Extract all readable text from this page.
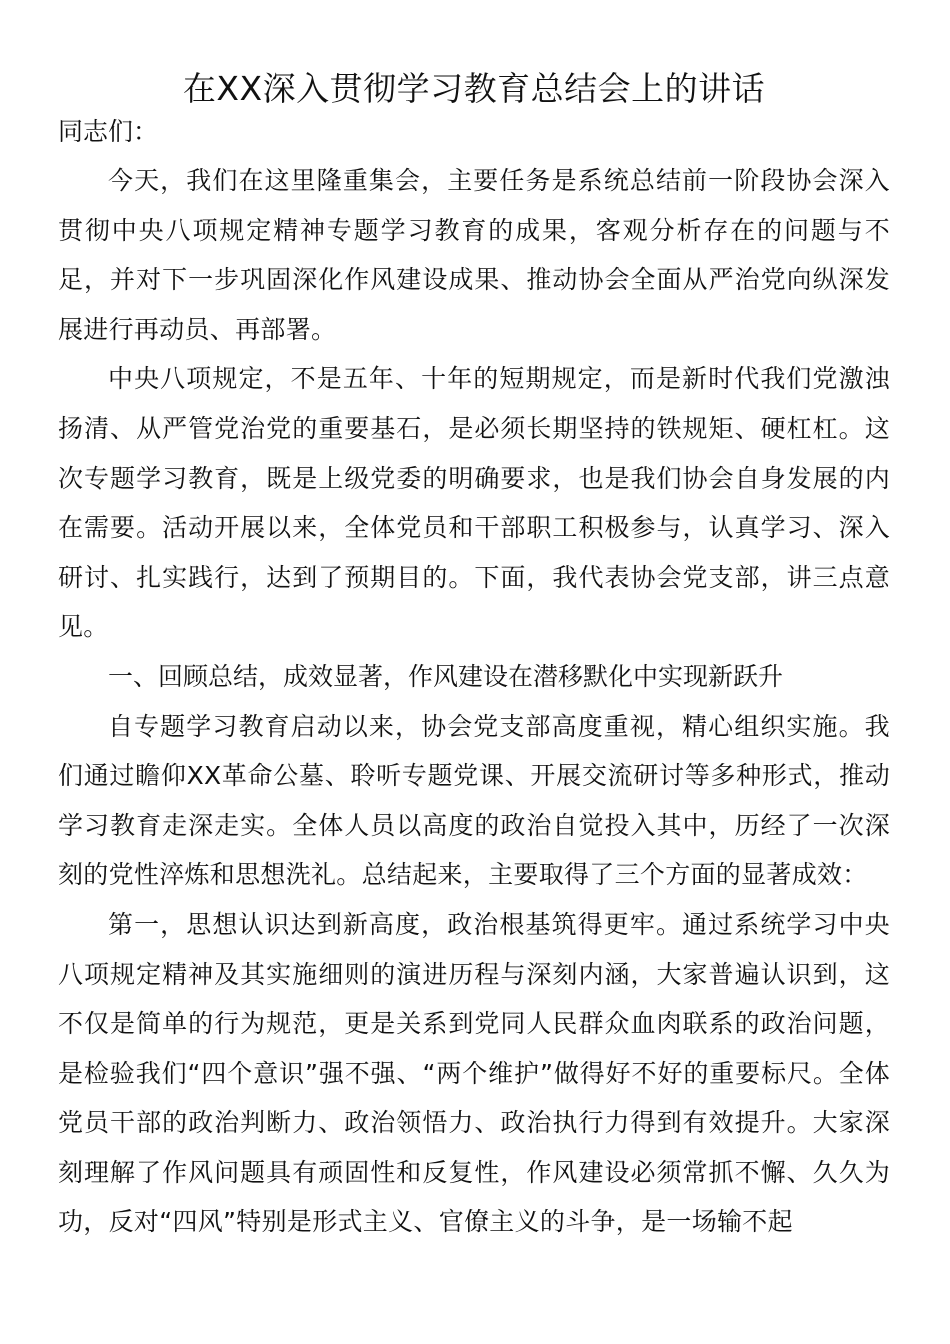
在XX深入贯彻学习教育总结会上的讲话

同志们：

今天，我们在这里隆重集会，主要任务是系统总结前一阶段协会深入贯彻中央八项规定精神专题学习教育的成果，客观分析存在的问题与不足，并对下一步巩固深化作风建设成果、推动协会全面从严治党向纵深发展进行再动员、再部署。

中央八项规定，不是五年、十年的短期规定，而是新时代我们党激浊扬清、从严管党治党的重要基石，是必须长期坚持的铁规矩、硬杠杠。这次专题学习教育，既是上级党委的明确要求，也是我们协会自身发展的内在需要。活动开展以来，全体党员和干部职工积极参与，认真学习、深入研讨、扎实践行，达到了预期目的。下面，我代表协会党支部，讲三点意见。

一、回顾总结，成效显著，作风建设在潜移默化中实现新跃升

自专题学习教育启动以来，协会党支部高度重视，精心组织实施。我们通过瞻仰XX革命公墓、聆听专题党课、开展交流研讨等多种形式，推动学习教育走深走实。全体人员以高度的政治自觉投入其中，历经了一次深刻的党性淬炼和思想洗礼。总结起来，主要取得了三个方面的显著成效：

第一，思想认识达到新高度，政治根基筑得更牢。通过系统学习中央八项规定精神及其实施细则的演进历程与深刻内涵，大家普遍认识到，这不仅是简单的行为规范，更是关系到党同人民群众血肉联系的政治问题，是检验我们“四个意识”强不强、“两个维护”做得好不好的重要标尺。全体党员干部的政治判断力、政治领悟力、政治执行力得到有效提升。大家深刻理解了作风问题具有顽固性和反复性，作风建设必须常抓不懈、久久为功，反对“四风”特别是形式主义、官僚主义的斗争，是一场输不起
